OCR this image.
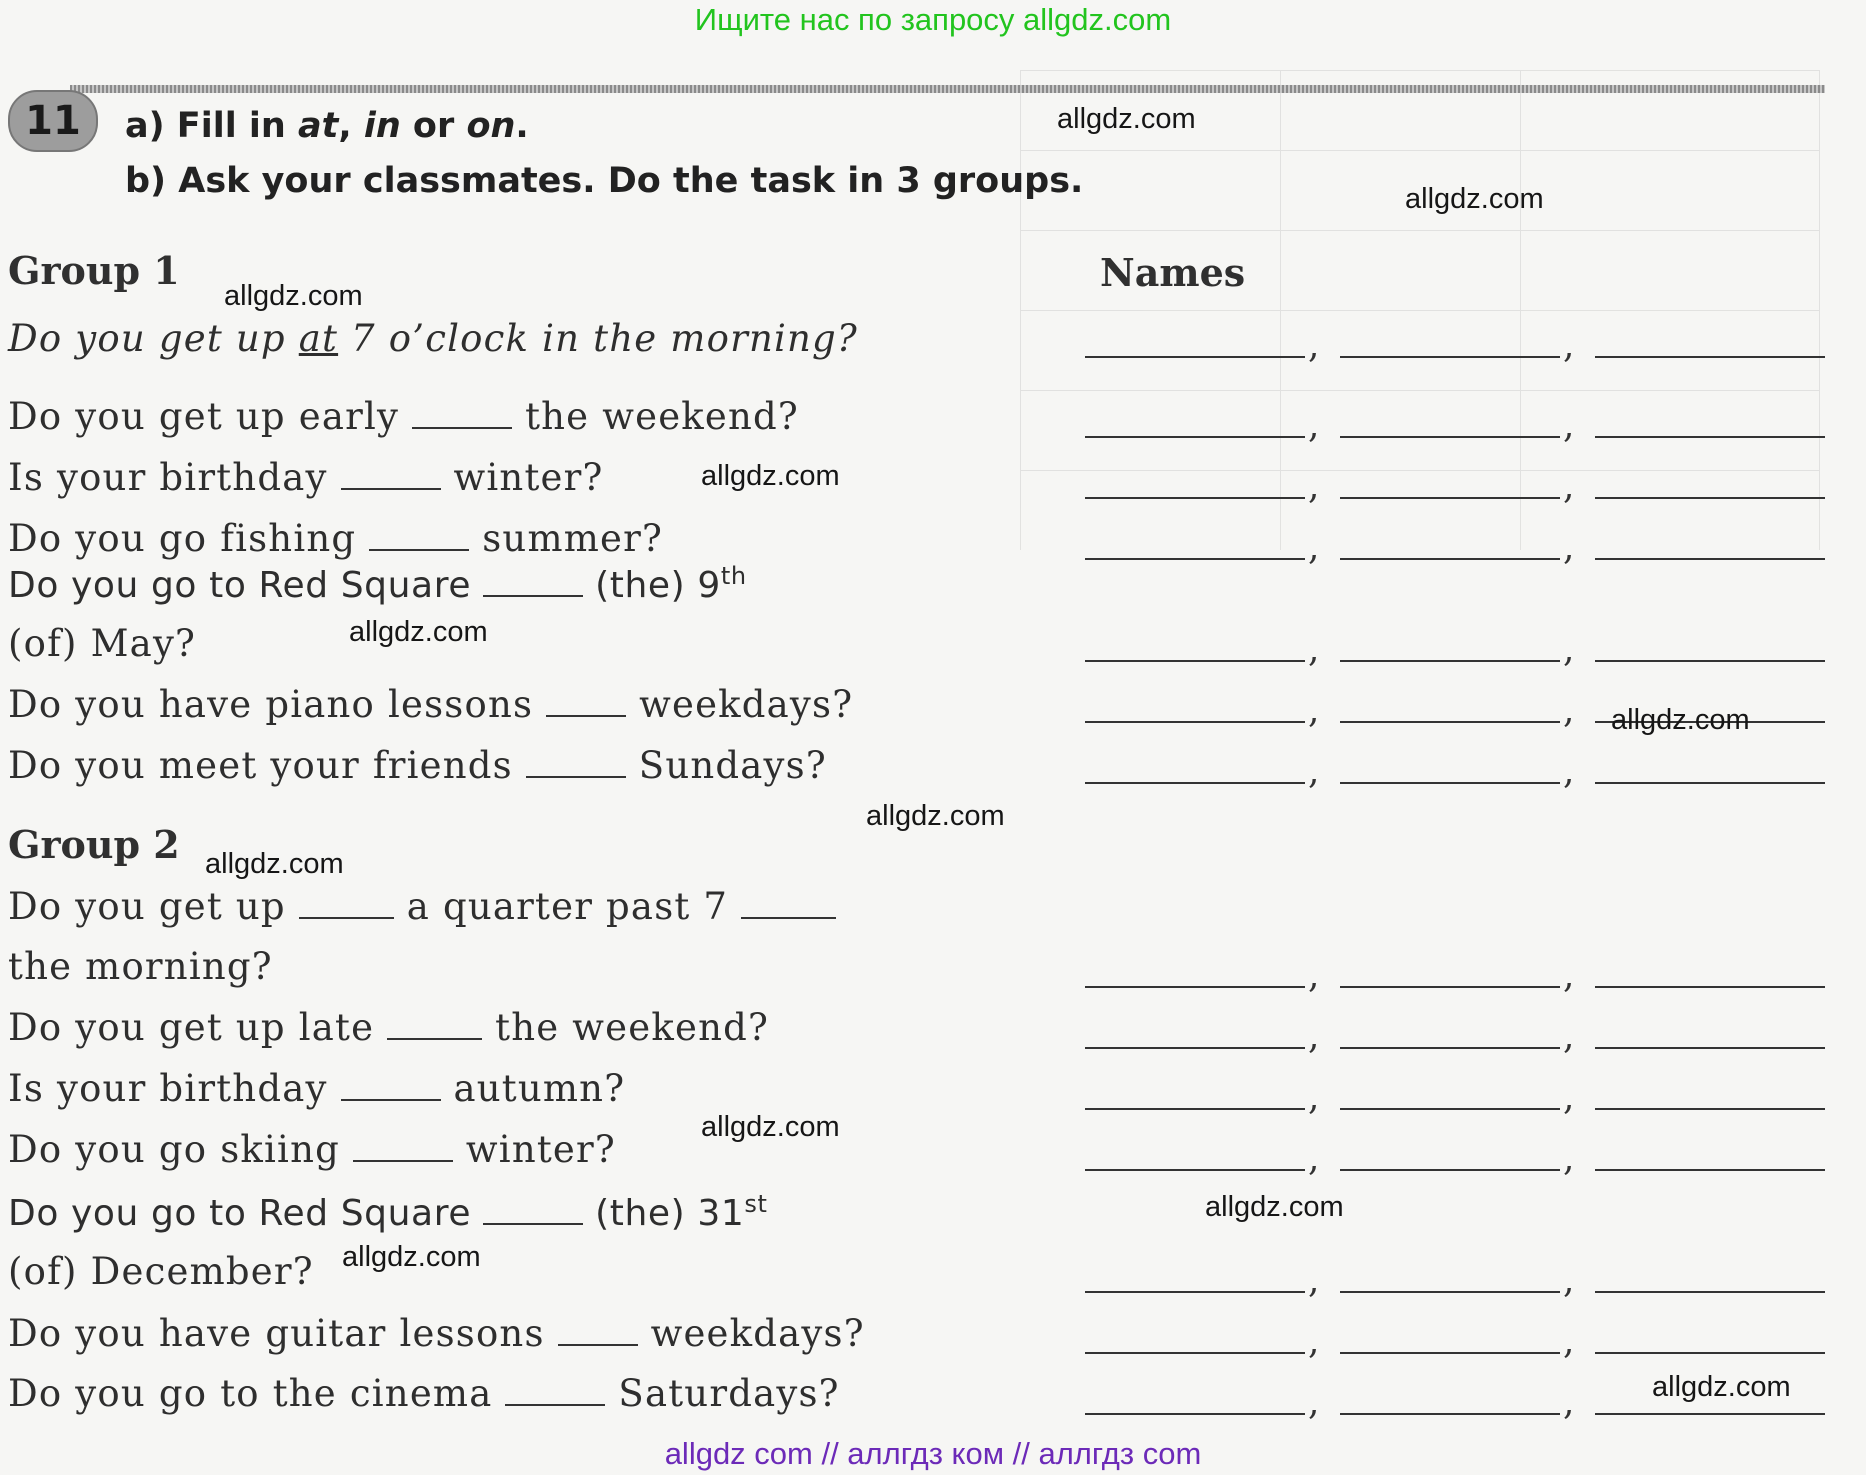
Ищите нас по запросу allgdz.com
11	a) Fill in at, in or on.
b) Ask your classmates. Do the task in 3 groups.
Group 1	Names
Do you get up at 7 o’clock in the morning?
Do you get up early	the weekend?
Is your birthday	winter?
Do you go fishing	summer?
Do you go to Red Square	(the) 9th
(of) May?
Do you have piano lessons	weekdays?
Do you meet your friends	Sundays?
Group 2
Do you get up	a quarter past 7
the morning?
Do you get up late	the weekend?
Is your birthday	autumn?
Do you go skiing	winter?
Do you go to Red Square	(the) 31st
(of) December?
Do you have guitar lessons	weekdays?
Do you go to the cinema	Saturdays?
,	,
,	,
,	,
,	,
,	,
,	,
,	,
,	,
,	,
,	,
,	,
,	,
,	,
,	,
allgdz.com
allgdz.com
allgdz.com
allgdz.com
allgdz.com
allgdz.com
allgdz.com
allgdz.com
allgdz.com
allgdz.com
allgdz.com
allgdz.com
allgdz com // аллгдз ком // аллгдз com
